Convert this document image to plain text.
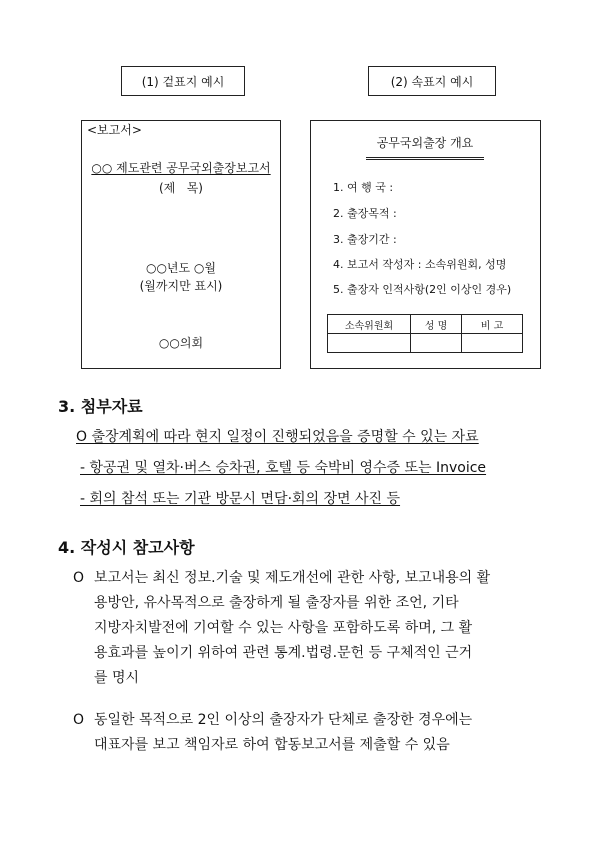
(1) 겉표지 예시	(2) 속표지 예시
<보고서>
○○ 제도관련 공무국외출장보고서
(제   목)
○○년도 ○월
(월까지만 표시)
○○의회
공무국외출장 개요
1. 여 행 국 :
2. 출장목적 :
3. 출장기간 :
4. 보고서 작성자 : 소속위원회, 성명
5. 출장자 인적사항(2인 이상인 경우)
소속위원회	성 명	비 고

3. 첨부자료
O 출장계획에 따라 현지 일정이 진행되었음을 증명할 수 있는 자료
- 항공권 및 열차·버스 승차권, 호텔 등 숙박비 영수증 또는 Invoice
- 회의 참석 또는 기관 방문시 면담·회의 장면 사진 등
4. 작성시 참고사항
O 보고서는 최신 정보.기술 및 제도개선에 관한 사항, 보고내용의 활
용방안, 유사목적으로 출장하게 될 출장자를 위한 조언, 기타
지방자치발전에 기여할 수 있는 사항을 포함하도록 하며, 그 활
용효과를 높이기 위하여 관련 통계.법령.문헌 등 구체적인 근거
를 명시
O 동일한 목적으로 2인 이상의 출장자가 단체로 출장한 경우에는
대표자를 보고 책임자로 하여 합동보고서를 제출할 수 있음
